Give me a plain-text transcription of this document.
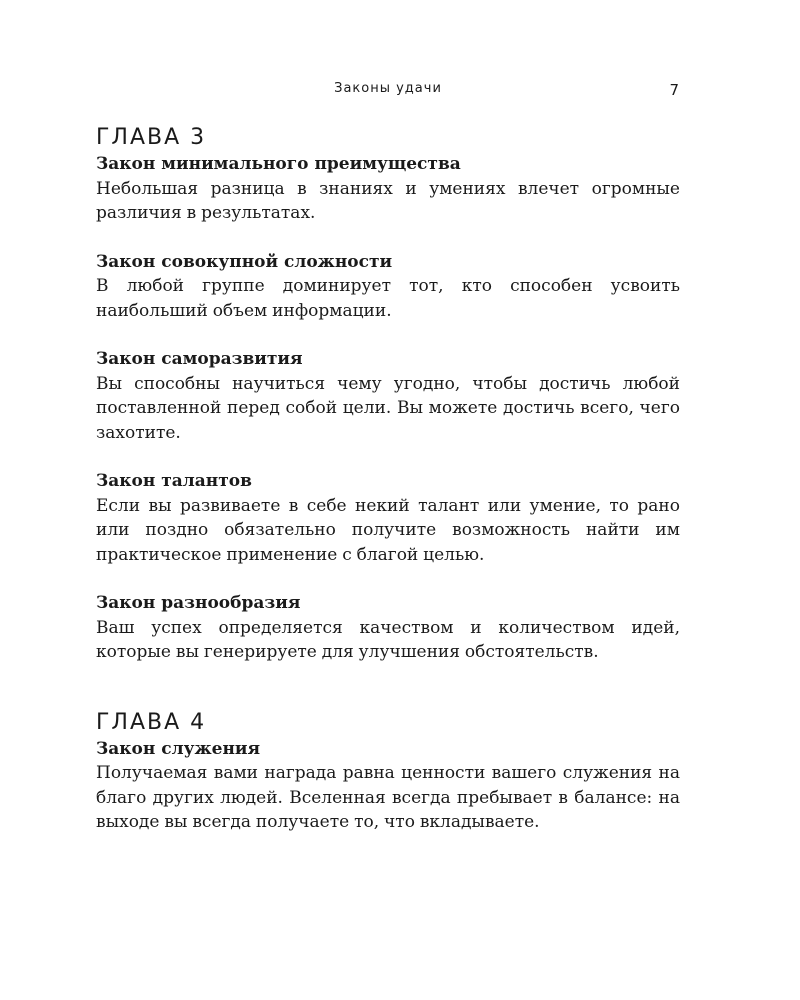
Законы удачи	7
ГЛАВА 3

Закон минимального преимущества

Небольшая разница в знаниях и умениях влечет огромные различия в результатах.

Закон совокупной сложности

В любой группе доминирует тот, кто способен усвоить наибольший объем информации.

Закон саморазвития

Вы способны научиться чему угодно, чтобы достичь любой поставленной перед собой цели. Вы можете достичь всего, чего захотите.

Закон талантов

Если вы развиваете в себе некий талант или умение, то рано или поздно обязательно получите возможность найти им практическое применение с благой целью.

Закон разнообразия

Ваш успех определяется качеством и количеством идей, которые вы генерируете для улучшения обстоятельств.

ГЛАВА 4

Закон служения

Получаемая вами награда равна ценности вашего служения на благо других людей. Вселенная всегда пребывает в балансе: на выходе вы всегда получаете то, что вкладываете.
